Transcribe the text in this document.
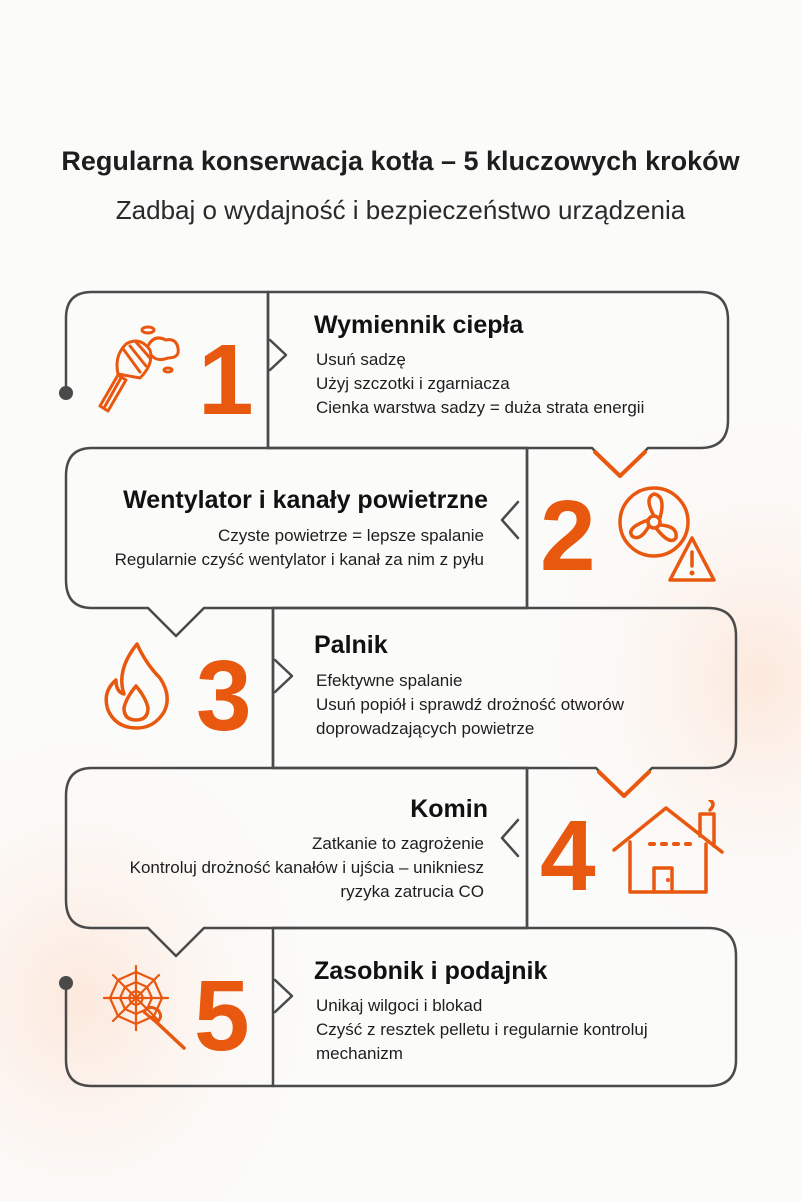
Regularna konserwacja kotła – 5 kluczowych kroków
Zadbaj o wydajność i bezpieczeństwo urządzenia
1 Wymiennik ciepła
Usuń sadzę
Użyj szczotki i zgarniacza
Cienka warstwa sadzy = duża strata energii
2
Wentylator i kanały powietrzne
Czyste powietrze = lepsze spalanie
Regularnie czyść wentylator i kanał za nim z pyłu
3 Palnik
Efektywne spalanie
Usuń popiół i sprawdź drożność otworów
doprowadzających powietrze
4
Komin
Zatkanie to zagrożenie
Kontroluj drożność kanałów i ujścia – unikniesz
ryzyka zatrucia CO
5	Zasobnik i podajnik
Unikaj wilgoci i blokad
Czyść z resztek pelletu i regularnie kontroluj
mechanizm
